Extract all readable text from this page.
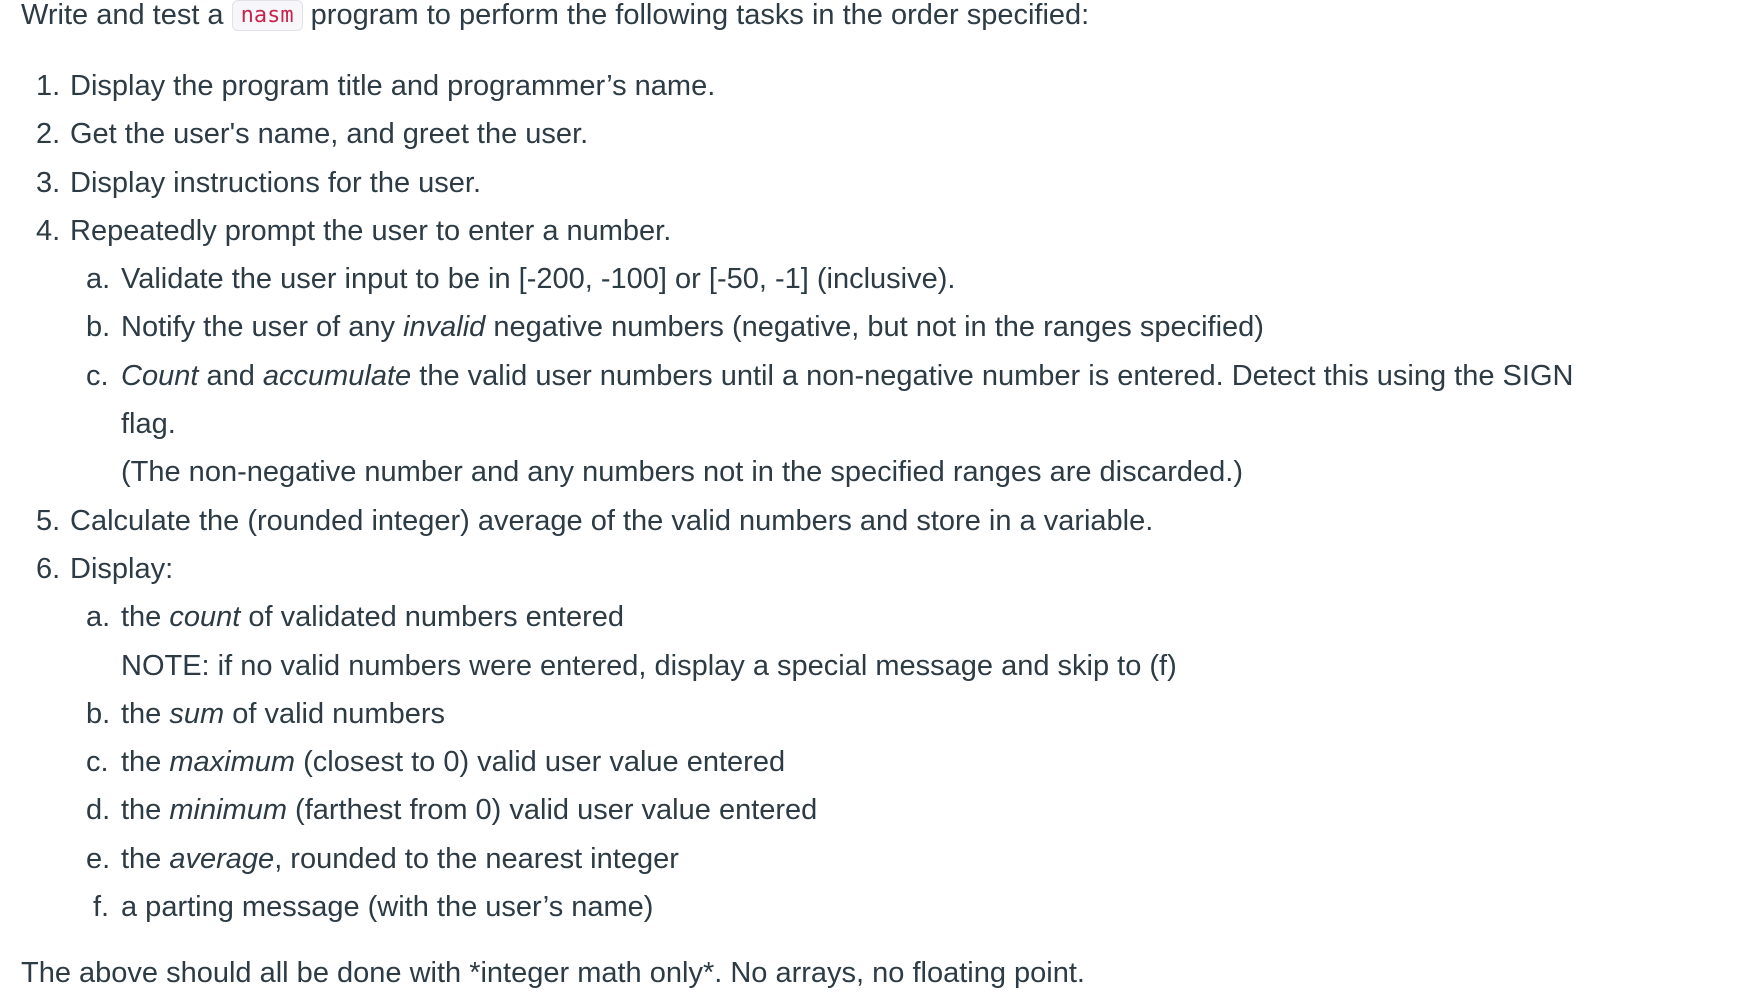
Write and test a nasm program to perform the following tasks in the order specified:
1. Display the program title and programmer’s name.
2. Get the user's name, and greet the user.
3. Display instructions for the user.
4. Repeatedly prompt the user to enter a number.
a. Validate the user input to be in [-200, -100] or [-50, -1] (inclusive).
b. Notify the user of any invalid negative numbers (negative, but not in the ranges specified)
c. Count and accumulate the valid user numbers until a non-negative number is entered. Detect this using the SIGN
flag.
(The non-negative number and any numbers not in the specified ranges are discarded.)
5. Calculate the (rounded integer) average of the valid numbers and store in a variable.
6. Display:
a. the count of validated numbers entered
NOTE: if no valid numbers were entered, display a special message and skip to (f)
b. the sum of valid numbers
c. the maximum (closest to 0) valid user value entered
d. the minimum (farthest from 0) valid user value entered
e. the average, rounded to the nearest integer
f. a parting message (with the user’s name)
The above should all be done with *integer math only*. No arrays, no floating point.
